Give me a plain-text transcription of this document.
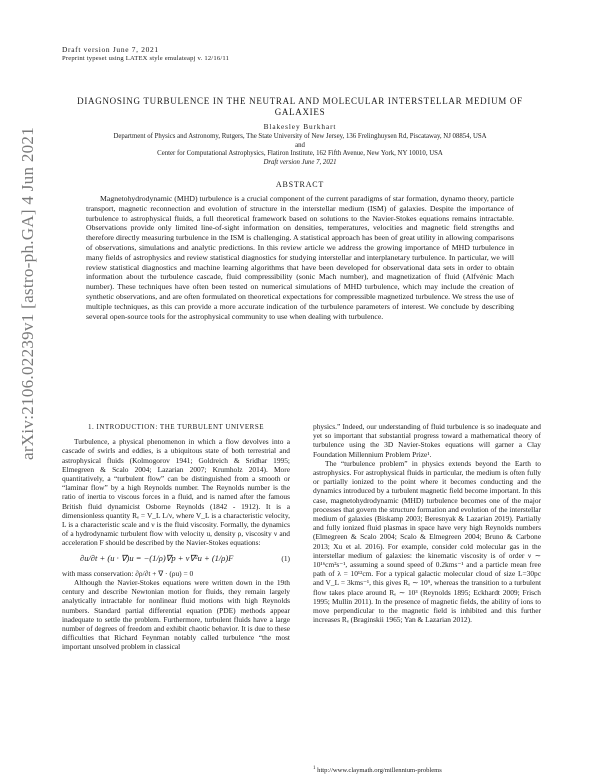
arXiv:2106.02239v1 [astro-ph.GA] 4 Jun 2021
Draft version June 7, 2021
Preprint typeset using LATEX style emulateapj v. 12/16/11
DIAGNOSING TURBULENCE IN THE NEUTRAL AND MOLECULAR INTERSTELLAR MEDIUM OF GALAXIES
Blakesley Burkhart
Department of Physics and Astronomy, Rutgers, The State University of New Jersey, 136 Frelinghuysen Rd, Piscataway, NJ 08854, USA
and
Center for Computational Astrophysics, Flatiron Institute, 162 Fifth Avenue, New York, NY 10010, USA
Draft version June 7, 2021
ABSTRACT

Magnetohydrodynamic (MHD) turbulence is a crucial component of the current paradigms of star formation, dynamo theory, particle transport, magnetic reconnection and evolution of structure in the interstellar medium (ISM) of galaxies. Despite the importance of turbulence to astrophysical fluids, a full theoretical framework based on solutions to the Navier-Stokes equations remains intractable. Observations provide only limited line-of-sight information on densities, temperatures, velocities and magnetic field strengths and therefore directly measuring turbulence in the ISM is challenging. A statistical approach has been of great utility in allowing comparisons of observations, simulations and analytic predictions. In this review article we address the growing importance of MHD turbulence in many fields of astrophysics and review statistical diagnostics for studying interstellar and interplanetary turbulence. In particular, we will review statistical diagnostics and machine learning algorithms that have been developed for observational data sets in order to obtain information about the turbulence cascade, fluid compressibility (sonic Mach number), and magnetization of fluid (Alfvénic Mach number). These techniques have often been tested on numerical simulations of MHD turbulence, which may include the creation of synthetic observations, and are often formulated on theoretical expectations for compressible magnetized turbulence. We stress the use of multiple techniques, as this can provide a more accurate indication of the turbulence parameters of interest. We conclude by describing several open-source tools for the astrophysical community to use when dealing with turbulence.

1. INTRODUCTION: THE TURBULENT UNIVERSE

Turbulence, a physical phenomenon in which a flow devolves into a cascade of swirls and eddies, is a ubiquitous state of both terrestrial and astrophysical fluids (Kolmogorov 1941; Goldreich & Sridhar 1995; Elmegreen & Scalo 2004; Lazarian 2007; Krumholz 2014). More quantitatively, a “turbulent flow” can be distinguished from a smooth or “laminar flow” by a high Reynolds number. The Reynolds number is the ratio of inertia to viscous forces in a fluid, and is named after the famous British fluid dynamicist Osborne Reynolds (1842 - 1912). It is a dimensionless quantity Rₑ = V_L L/ν, where V_L is a characteristic velocity, L is a characteristic scale and ν is the fluid viscosity. Formally, the dynamics of a hydrodynamic turbulent flow with velocity u, density ρ, viscosity ν and acceleration F should be described by the Navier-Stokes equations:

∂u/∂t + (u · ∇)u = −(1/ρ)∇p + ν∇²u + (1/ρ)F	(1)

with mass conservation: ∂ρ/∂t + ∇ · (ρu) = 0

Although the Navier-Stokes equations were written down in the 19th century and describe Newtonian motion for fluids, they remain largely analytically intractable for nonlinear fluid motions with high Reynolds numbers. Standard partial differential equation (PDE) methods appear inadequate to settle the problem. Furthermore, turbulent fluids have a large number of degrees of freedom and exhibit chaotic behavior. It is due to these difficulties that Richard Feynman notably called turbulence “the most important unsolved problem in classical

physics.” Indeed, our understanding of fluid turbulence is so inadequate and yet so important that substantial progress toward a mathematical theory of turbulence using the 3D Navier-Stokes equations will garner a Clay Foundation Millennium Problem Prize¹.

The “turbulence problem” in physics extends beyond the Earth to astrophysics. For astrophysical fluids in particular, the medium is often fully or partially ionized to the point where it becomes conducting and the dynamics introduced by a turbulent magnetic field become important. In this case, magnetohydrodynamic (MHD) turbulence becomes one of the major processes that govern the structure formation and evolution of the interstellar medium of galaxies (Biskamp 2003; Beresnyak & Lazarian 2019). Partially and fully ionized fluid plasmas in space have very high Reynolds numbers (Elmegreen & Scalo 2004; Scalo & Elmegreen 2004; Bruno & Carbone 2013; Xu et al. 2016). For example, consider cold molecular gas in the interstellar medium of galaxies: the kinematic viscosity is of order ν ∼ 10¹⁶cm²s⁻¹, assuming a sound speed of 0.2kms⁻¹ and a particle mean free path of λ = 10¹²cm. For a typical galactic molecular cloud of size L=30pc and V_L = 3kms⁻¹, this gives Rₑ ∼ 10⁹, whereas the transition to a turbulent flow takes place around Rₑ ∼ 10³ (Reynolds 1895; Eckhardt 2009; Frisch 1995; Mullin 2011). In the presence of magnetic fields, the ability of ions to move perpendicular to the magnetic field is inhibited and this further increases Rₑ (Braginskii 1965; Yan & Lazarian 2012).

$^1$ http://www.claymath.org/millennium-problems
